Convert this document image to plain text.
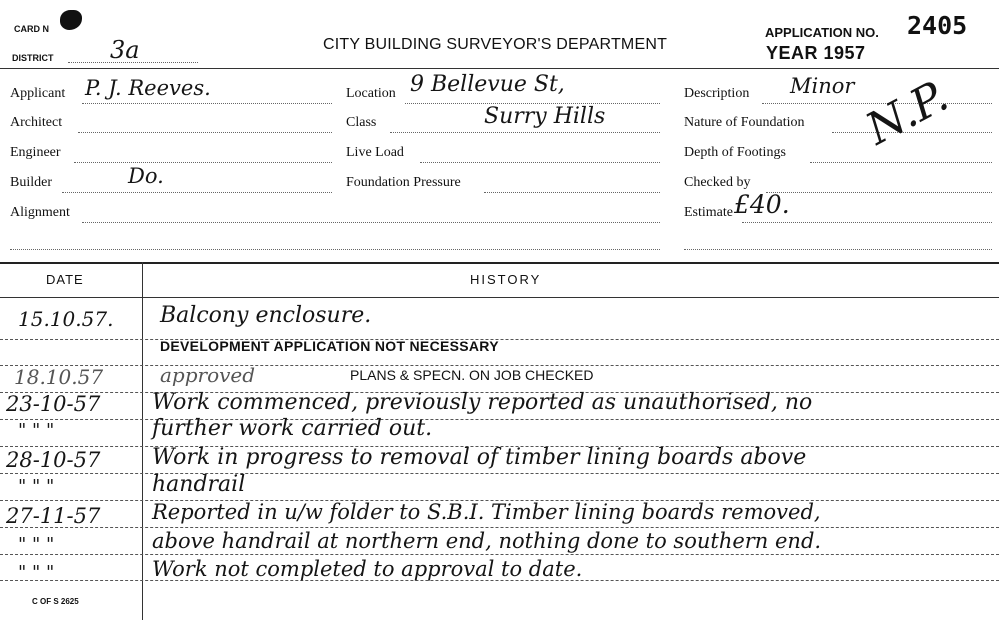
CARD N
DISTRICT 3a	CITY BUILDING SURVEYOR'S DEPARTMENT
APPLICATION NO. 2405
YEAR 1957
Applicant P. J. Reeves.
Architect
Engineer
Builder	Do.
Alignment
Location 9 Bellevue St,
Class	Surry Hills
Live Load
Foundation Pressure
Description Minor
Nature of Foundation
Depth of Footings
Checked by
Estimate £40.
N.P.
DATE	HISTORY
15.10.57. Balcony enclosure.
DEVELOPMENT APPLICATION NOT NECESSARY
18.10.57	approved	PLANS & SPECN. ON JOB CHECKED
23-10-57 Work commenced, previously reported as unauthorised, no
" " "	further work carried out.
28-10-57 Work in progress to removal of timber lining boards above
" " "	handrail
27-11-57 Reported in u/w folder to S.B.I. Timber lining boards removed,
" " "	above handrail at northern end, nothing done to southern end.
" " "	Work not completed to approval to date.
C OF S 2625
